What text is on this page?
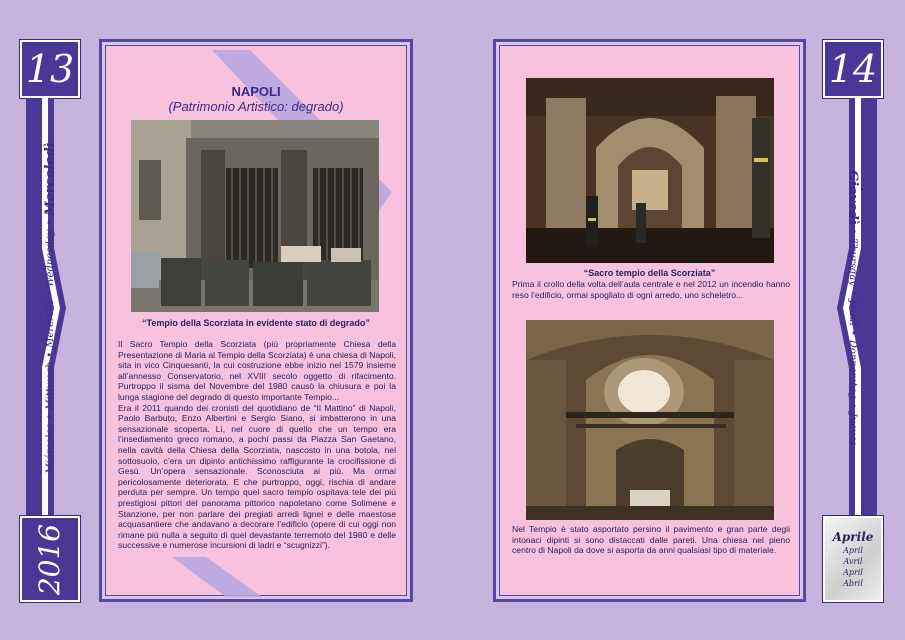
13
Miércoles
•
Mittwoch
•
Mercredi
•
Wednesday
•
Mercoledì
2016
14
Giovedì
•
Thursday
•
Jeudi
•
Donnerstag
•
Jueves
Aprile
April
Avril
April
Abril
NAPOLI
(Patrimonio Artistico: degrado)
“Tempio della Scorziata in evidente stato di degrado”

Il Sacro Tempio della Scorziata (più propriamente Chiesa della Presentazione di Maria al Tempio della Scorziata) è una chiesa di Napoli, sita in vico Cinquesanti, la cui costruzione ebbe inizio nel 1579 insieme all’annesso Conservatorio, nel XVIII secolo oggetto di rifacimento. Purtroppo il sisma del Novembre del 1980 causò la chiusura e poi la lunga stagione del degrado di questo importante Tempio...

Era il 2011 quando dei cronisti del quotidiano de “Il Mattino” di Napoli, Paolo Barbuto, Enzo Albertini e Sergio Siano, si imbatterono in una sensazionale scoperta. Lì, nel cuore di quello che un tempo era l’insediamento greco romano, a pochi passi da Piazza San Gaetano, nella cavità della Chiesa della Scorziata, nascosto in una botola, nel sottosuolo, c’era un dipinto antichissimo raffigurante la crocifissione di Gesù. Un’opera sensazionale. Sconosciuta ai più. Ma ormai pericolosamente deteriorata. E che purtroppo, oggi, rischia di andare perduta per sempre. Un tempo quel sacro tempio ospitava tele dei più prestigiosi pittori del panorama pittorico napoletano come Solimene e Stanzione, per non parlare dei pregiati arredi lignei e delle maestose acquasantiere che andavano a decorare l’edificio (opere di cui oggi non rimane più nulla a seguito di quel devastante terremoto del 1980 e delle successive e numerose incursioni di ladri e “scugnizzi”).

“Sacro tempio della Scorziata”
Prima il crollo della volta dell’aula centrale e nel 2012 un incendio hanno reso l’edificio, ormai spogliato di ogni arredo, uno scheletro...
Nel Tempio è stato asportato persino il pavimento e gran parte degli intonaci dipinti si sono distaccati dalle pareti. Una chiesa nel pieno centro di Napoli da dove si asporta da anni qualsiasi tipo di materiale.
